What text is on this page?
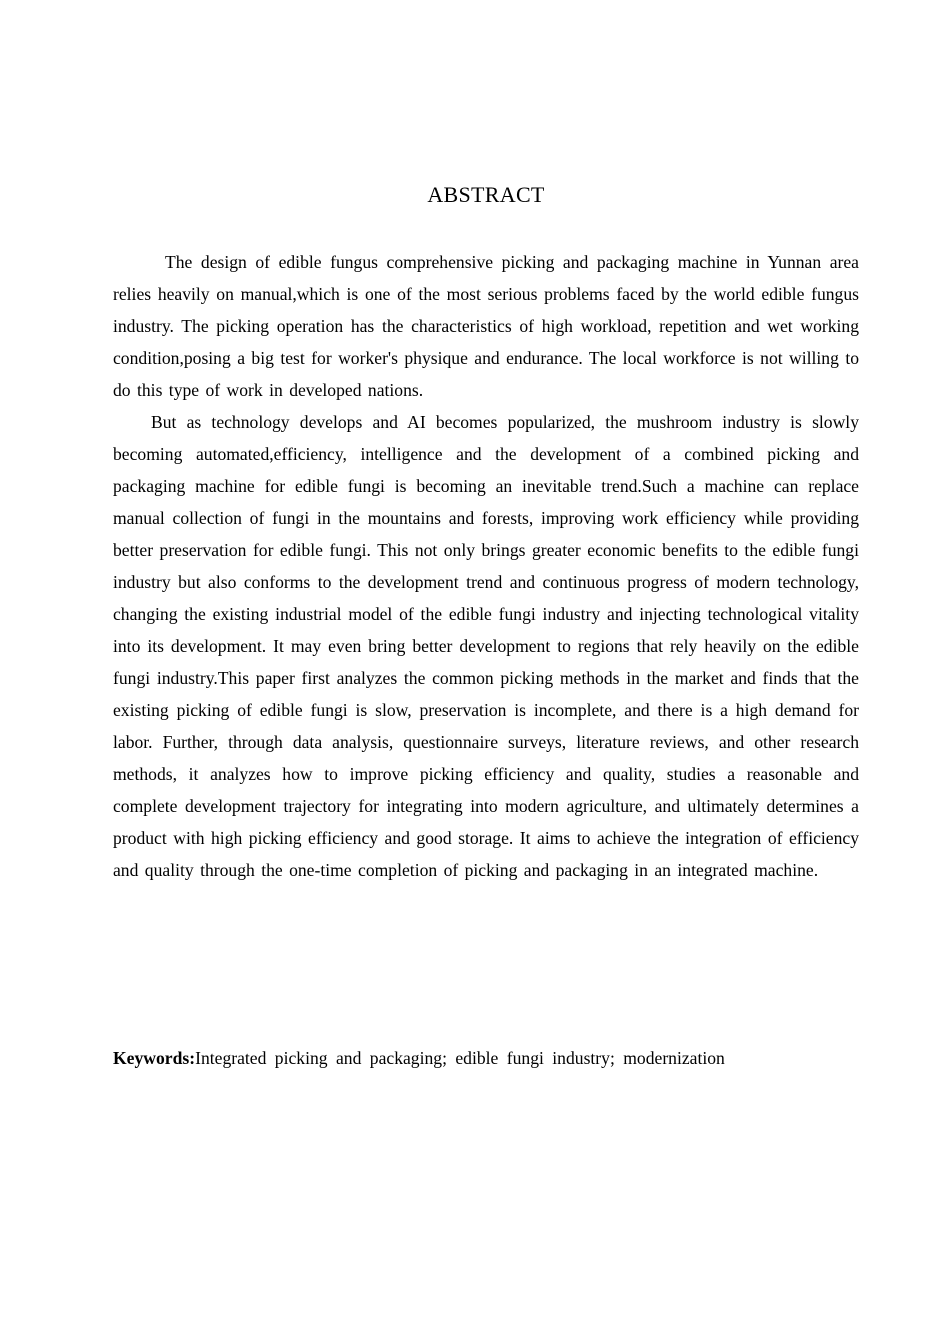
ABSTRACT

The design of edible fungus comprehensive picking and packaging machine in Yunnan area relies heavily on manual,which is one of the most serious problems faced by the world edible fungus industry. The picking operation has the characteristics of high workload, repetition and wet working condition,posing a big test for worker's physique and endurance. The local workforce is not willing to do this type of work in developed nations.

But as technology develops and AI becomes popularized, the mushroom industry is slowly becoming automated,efficiency, intelligence and the development of a combined picking and packaging machine for edible fungi is becoming an inevitable trend.Such a machine can replace manual collection of fungi in the mountains and forests, improving work efficiency while providing better preservation for edible fungi. This not only brings greater economic benefits to the edible fungi industry but also conforms to the development trend and continuous progress of modern technology, changing the existing industrial model of the edible fungi industry and injecting technological vitality into its development. It may even bring better development to regions that rely heavily on the edible fungi industry.This paper first analyzes the common picking methods in the market and finds that the existing picking of edible fungi is slow, preservation is incomplete, and there is a high demand for labor. Further, through data analysis, questionnaire surveys, literature reviews, and other research methods, it analyzes how to improve picking efficiency and quality, studies a reasonable and complete development trajectory for integrating into modern agriculture, and ultimately determines a product with high picking efficiency and good storage. It aims to achieve the integration of efficiency and quality through the one-time completion of picking and packaging in an integrated machine.

Keywords:Integrated picking and packaging; edible fungi industry; modernization
